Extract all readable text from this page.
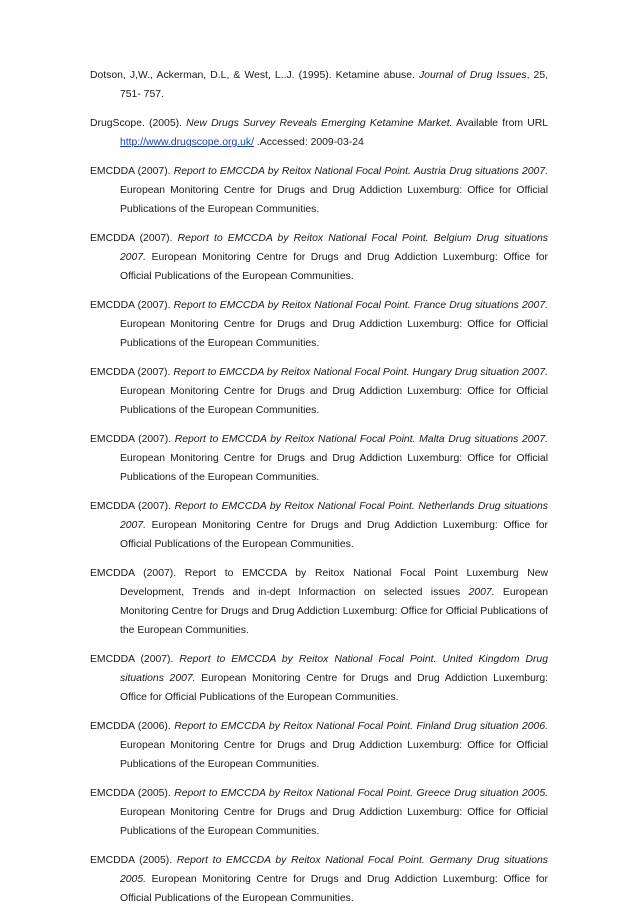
Dotson, J,W., Ackerman, D.L, & West, L..J. (1995). Ketamine abuse. Journal of Drug Issues, 25, 751- 757.

DrugScope. (2005). New Drugs Survey Reveals Emerging Ketamine Market. Available from URL http://www.drugscope.org.uk/ .Accessed: 2009-03-24

EMCDDA (2007). Report to EMCCDA by Reitox National Focal Point. Austria Drug situations 2007. European Monitoring Centre for Drugs and Drug Addiction Luxemburg: Office for Official Publications of the European Communities.

EMCDDA (2007). Report to EMCCDA by Reitox National Focal Point. Belgium Drug situations 2007. European Monitoring Centre for Drugs and Drug Addiction Luxemburg: Office for Official Publications of the European Communities.

EMCDDA (2007). Report to EMCCDA by Reitox National Focal Point. France Drug situations 2007. European Monitoring Centre for Drugs and Drug Addiction Luxemburg: Office for Official Publications of the European Communities.

EMCDDA (2007). Report to EMCCDA by Reitox National Focal Point. Hungary Drug situation 2007. European Monitoring Centre for Drugs and Drug Addiction Luxemburg: Office for Official Publications of the European Communities.

EMCDDA (2007). Report to EMCCDA by Reitox National Focal Point. Malta Drug situations 2007. European Monitoring Centre for Drugs and Drug Addiction Luxemburg: Office for Official Publications of the European Communities.

EMCDDA (2007). Report to EMCCDA by Reitox National Focal Point. Netherlands Drug situations 2007. European Monitoring Centre for Drugs and Drug Addiction Luxemburg: Office for Official Publications of the European Communities.

EMCDDA (2007). Report to EMCCDA by Reitox National Focal Point Luxemburg New Development, Trends and in-dept Informaction on selected issues 2007. European Monitoring Centre for Drugs and Drug Addiction Luxemburg: Office for Official Publications of the European Communities.

EMCDDA (2007). Report to EMCCDA by Reitox National Focal Point. United Kingdom Drug situations 2007. European Monitoring Centre for Drugs and Drug Addiction Luxemburg: Office for Official Publications of the European Communities.

EMCDDA (2006). Report to EMCCDA by Reitox National Focal Point. Finland Drug situation 2006. European Monitoring Centre for Drugs and Drug Addiction Luxemburg: Office for Official Publications of the European Communities.

EMCDDA (2005). Report to EMCCDA by Reitox National Focal Point. Greece Drug situation 2005. European Monitoring Centre for Drugs and Drug Addiction Luxemburg: Office for Official Publications of the European Communities.

EMCDDA (2005). Report to EMCCDA by Reitox National Focal Point. Germany Drug situations 2005. European Monitoring Centre for Drugs and Drug Addiction Luxemburg: Office for Official Publications of the European Communities.
